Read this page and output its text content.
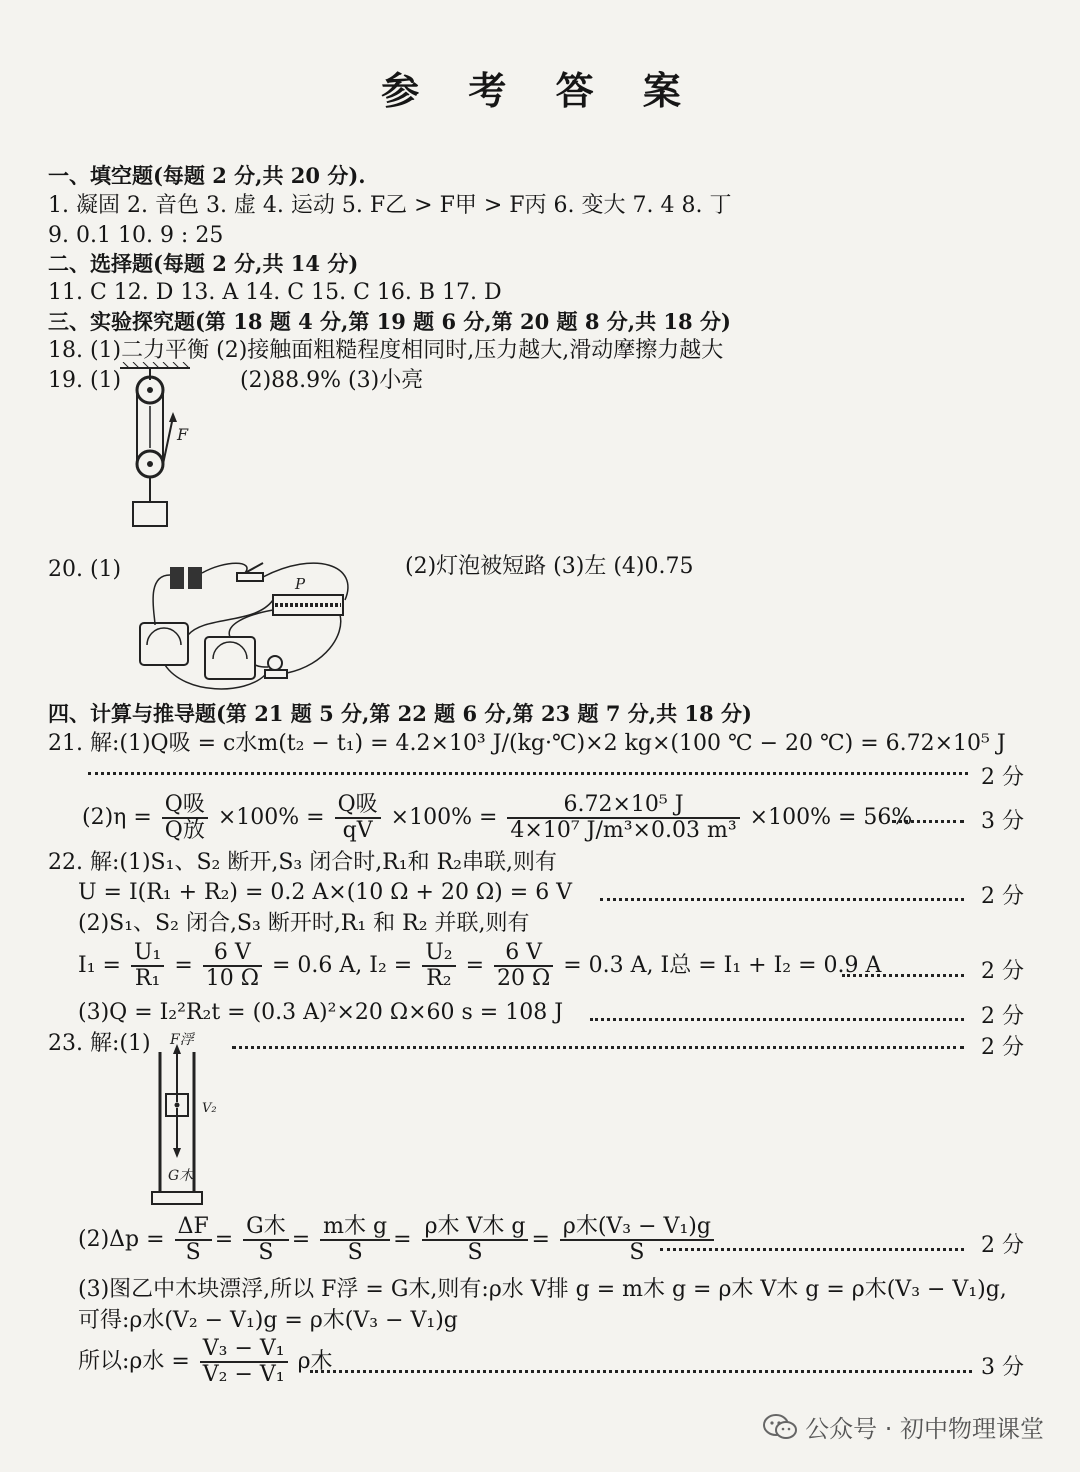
参 考 答 案
一、填空题(每题 2 分,共 20 分).
1. 凝固 2. 音色 3. 虚 4. 运动 5. F乙 > F甲 > F丙 6. 变大 7. 4 8. 丁
9. 0.1 10. 9 : 25
二、选择题(每题 2 分,共 14 分)
11. C 12. D 13. A 14. C 15. C 16. B 17. D
三、实验探究题(第 18 题 4 分,第 19 题 6 分,第 20 题 8 分,共 18 分)
18. (1)二力平衡 (2)接触面粗糙程度相同时,压力越大,滑动摩擦力越大
19. (1)	(2)88.9% (3)小亮
F
20. (1)	(2)灯泡被短路 (3)左 (4)0.75
P
四、计算与推导题(第 21 题 5 分,第 22 题 6 分,第 23 题 7 分,共 18 分)
21. 解:(1)Q吸 = c水m(t₂ − t₁) = 4.2×10³ J/(kg·℃)×2 kg×(100 ℃ − 20 ℃) = 6.72×10⁵ J
2 分
$(2)\eta = \frac{\text{Q吸}}{\text{Q放}} \times 100\% = \frac{\text{Q吸}}{qV} \times 100\% = \frac{\text{6.72×10⁵ J}}{\text{4×10⁷ J/m³×0.03 m³}} \times 100\% = 56\%$	3 分
22. 解:(1)S₁、S₂ 断开,S₃ 闭合时,R₁和 R₂串联,则有
U = I(R₁ + R₂) = 0.2 A×(10 Ω + 20 Ω) = 6 V	2 分
(2)S₁、S₂ 闭合,S₃ 断开时,R₁ 和 R₂ 并联,则有
$I_1 = \frac{\text{U₁}}{\text{R₁}} = \frac{6 V}{10 \Omega} = 0.6$ A, $I_2 = \frac{\text{U₂}}{\text{R₂}} = \frac{6 V}{20 \Omega} = 0.3$ A, I总 = I₁ + I₂ = 0.9 A	2 分
(3)Q = I₂²R₂t = (0.3 A)²×20 Ω×60 s = 108 J	2 分
23. 解:(1)	2 分
F浮
V₂
G木
$(2)\Delta p = \frac{\Delta F}{S} = \frac{\text{G木}}{S} = \frac{\text{m木 g}}{S} = \frac{\text{ρ木 V木 g}}{S} = \frac{\text{ρ木(V₃ − V₁)g}}{S}$	2 分
(3)图乙中木块漂浮,所以 F浮 = G木,则有:ρ水 V排 g = m木 g = ρ木 V木 g = ρ木(V₃ − V₁)g,
可得:ρ水(V₂ − V₁)g = ρ木(V₃ − V₁)g
所以:ρ水 = $\frac{\text{V₃ − V₁}}{\text{V₂ − V₁}}$ ρ木	3 分
公众号 · 初中物理课堂
